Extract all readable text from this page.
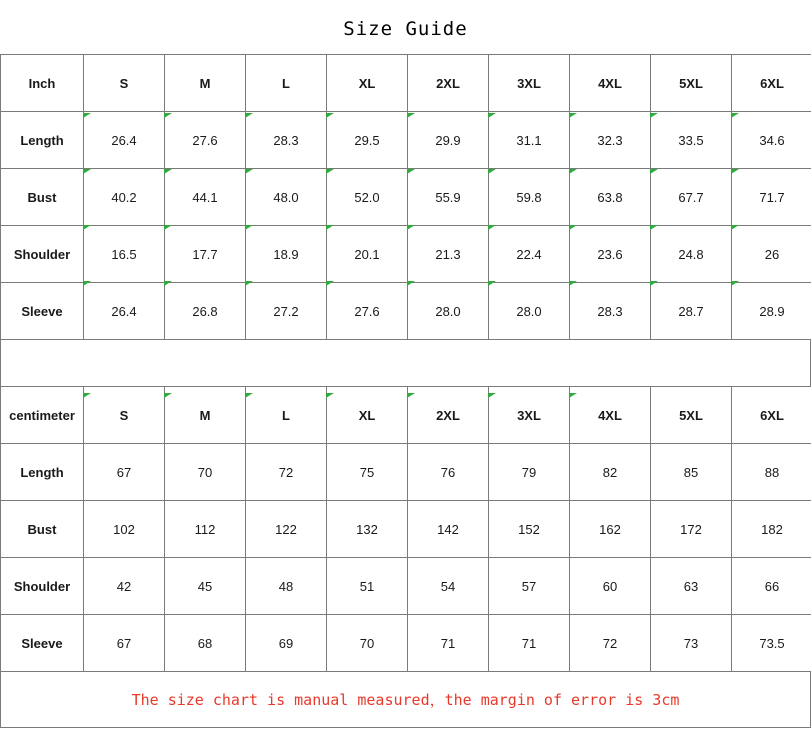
Size Guide
Inch	S	M	L	XL	2XL	3XL	4XL	5XL	6XL
Length	26.4	27.6	28.3	29.5	29.9	31.1	32.3	33.5	34.6
Bust	40.2	44.1	48.0	52.0	55.9	59.8	63.8	67.7	71.7
Shoulder	16.5	17.7	18.9	20.1	21.3	22.4	23.6	24.8	26
Sleeve	26.4	26.8	27.2	27.6	28.0	28.0	28.3	28.7	28.9
centimeter	S	M	L	XL	2XL	3XL	4XL	5XL	6XL
Length	67	70	72	75	76	79	82	85	88
Bust	102	112	122	132	142	152	162	172	182
Shoulder	42	45	48	51	54	57	60	63	66
Sleeve	67	68	69	70	71	71	72	73	73.5
The size chart is manual measured，the margin of error is 3cm
